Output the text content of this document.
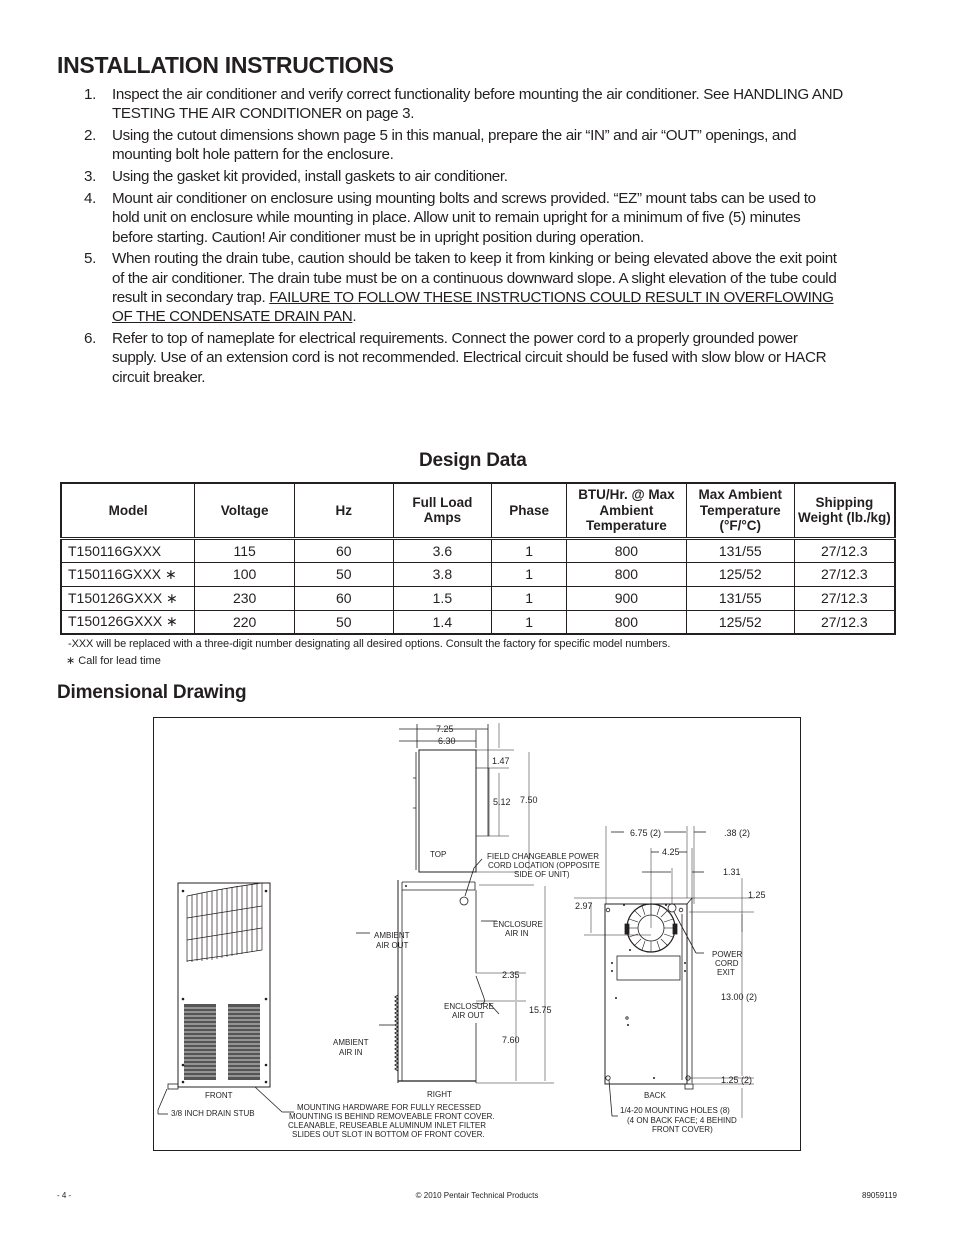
INSTALLATION INSTRUCTIONS
1.	Inspect the air conditioner and verify correct functionality before mounting the air conditioner. See HANDLING AND TESTING THE AIR CONDITIONER on page 3.
2.	Using the cutout dimensions shown page 5 in this manual, prepare the air “IN” and air “OUT” openings, and mounting bolt hole pattern for the enclosure.
3.	Using the gasket kit provided, install gaskets to air conditioner.
4.	Mount air conditioner on enclosure using mounting bolts and screws provided. “EZ” mount tabs can be used to hold unit on enclosure while mounting in place. Allow unit to remain upright for a minimum of five (5) minutes before starting. Caution! Air conditioner must be in upright position during operation.
5.	When routing the drain tube, caution should be taken to keep it from kinking or being elevated above the exit point of the air conditioner. The drain tube must be on a continuous downward slope. A slight elevation of the tube could result in secondary trap. FAILURE TO FOLLOW THESE INSTRUCTIONS COULD RESULT IN OVERFLOWING OF THE CONDENSATE DRAIN PAN.
6.	Refer to top of nameplate for electrical requirements. Connect the power cord to a properly grounded power supply. Use of an extension cord is not recommended. Electrical circuit should be fused with slow blow or HACR circuit breaker.
Design Data
Model	Voltage	Hz	Full Load Amps	Phase	BTU/Hr. @ Max Ambient Temperature	Max Ambient Temperature (°F/°C)	Shipping Weight (lb./kg)
T150116GXXX	115	60	3.6	1	800	131/55	27/12.3
T150116GXXX ∗	100	50	3.8	1	800	125/52	27/12.3
T150126GXXX ∗	230	60	1.5	1	900	131/55	27/12.3
T150126GXXX ∗	220	50	1.4	1	800	125/52	27/12.3
-XXX will be replaced with a three-digit number designating all desired options. Consult the factory for specific model numbers.
∗ Call for lead time
Dimensional Drawing
7.25
6.30
1.47
5.12 7.50
TOP
FRONT
3/8 INCH DRAIN STUB
2.35
7.60
15.75
RIGHT
FIELD CHANGEABLE POWER
CORD LOCATION (OPPOSITE
SIDE OF UNIT)
ENCLOSURE
AIR IN
AMBIENT
AIR OUT
ENCLOSURE
AIR OUT
AMBIENT
AIR IN
MOUNTING HARDWARE FOR FULLY RECESSED
MOUNTING IS BEHIND REMOVEABLE FRONT COVER.
CLEANABLE, REUSEABLE ALUMINUM INLET FILTER
SLIDES OUT SLOT IN BOTTOM OF FRONT COVER.
6.75 (2)	.38 (2)
4.25
1.31
1.25
2.97
13.00 (2)
1.25 (2)
POWER
CORD
EXIT
BACK
1/4-20 MOUNTING HOLES (8)
(4 ON BACK FACE; 4 BEHIND
FRONT COVER)
- 4 -	© 2010 Pentair Technical Products	89059119
